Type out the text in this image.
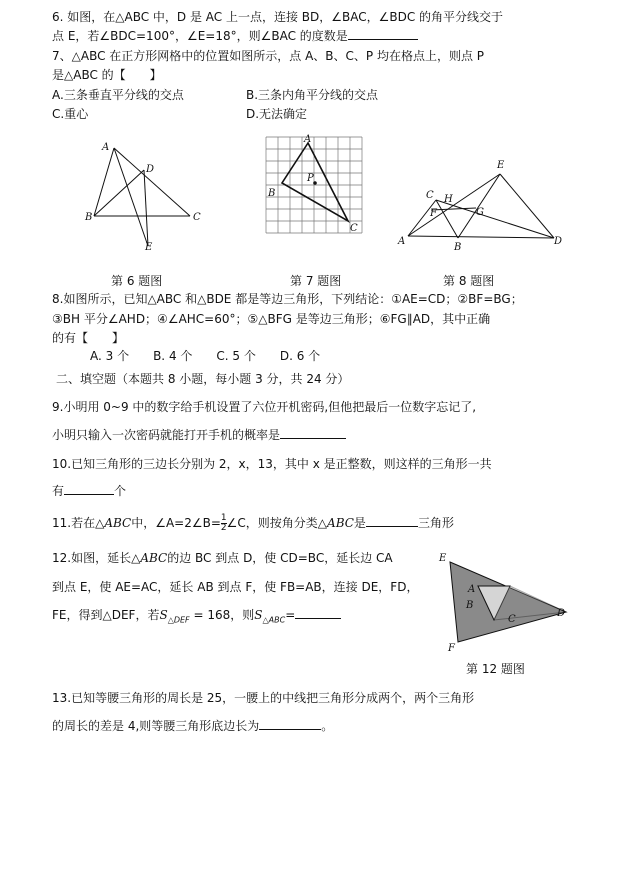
6. 如图，在△ABC 中，D 是 AC 上一点，连接 BD，∠BAC，∠BDC 的角平分线交于
点 E，若∠BDC=100°，∠E=18°，则∠BAC 的度数是
7、△ABC 在正方形网格中的位置如图所示，点 A、B、C、P 均在格点上，则点 P
是△ABC 的【　　】
A.三条垂直平分线的交点	B.三条内角平分线的交点
C.重心	D.无法确定
A
D
B	C
E
第 6 题图
A
P
B
C
第 7 题图
E
C H
F	G
A
B
D
第 8 题图
8.如图所示，已知△ABC 和△BDE 都是等边三角形，下列结论：①AE=CD；②BF=BG；
③BH 平分∠AHD；④∠AHC=60°；⑤△BFG 是等边三角形；⑥FG∥AD，其中正确
的有【　　】
A. 3 个　　B. 4 个　　C. 5 个　　D. 6 个
二、填空题（本题共 8 小题，每小题 3 分，共 24 分）
9.小明用 0~9 中的数字给手机设置了六位开机密码,但他把最后一位数字忘记了,
小明只输入一次密码就能打开手机的概率是
10.已知三角形的三边长分别为 2，x，13，其中 x 是正整数，则这样的三角形一共
有	个
11.若在△ABC中，∠A=2∠B= $\frac{1}{2}$ ∠C，则按角分类△ABC是	三角形
12.如图，延长△ABC的边 BC 到点 D，使 CD=BC，延长边 CA
到点 E，使 AE=AC，延长 AB 到点 F，使 FB=AB，连接 DE，FD，
FE，得到△DEF，若$S_{\triangle DEF} = 168$，则$S_{\triangle ABC}=$
E
A
B
C
D
F
第 12 题图
13.已知等腰三角形的周长是 25，一腰上的中线把三角形分成两个，两个三角形
的周长的差是 4,则等腰三角形底边长为	。
